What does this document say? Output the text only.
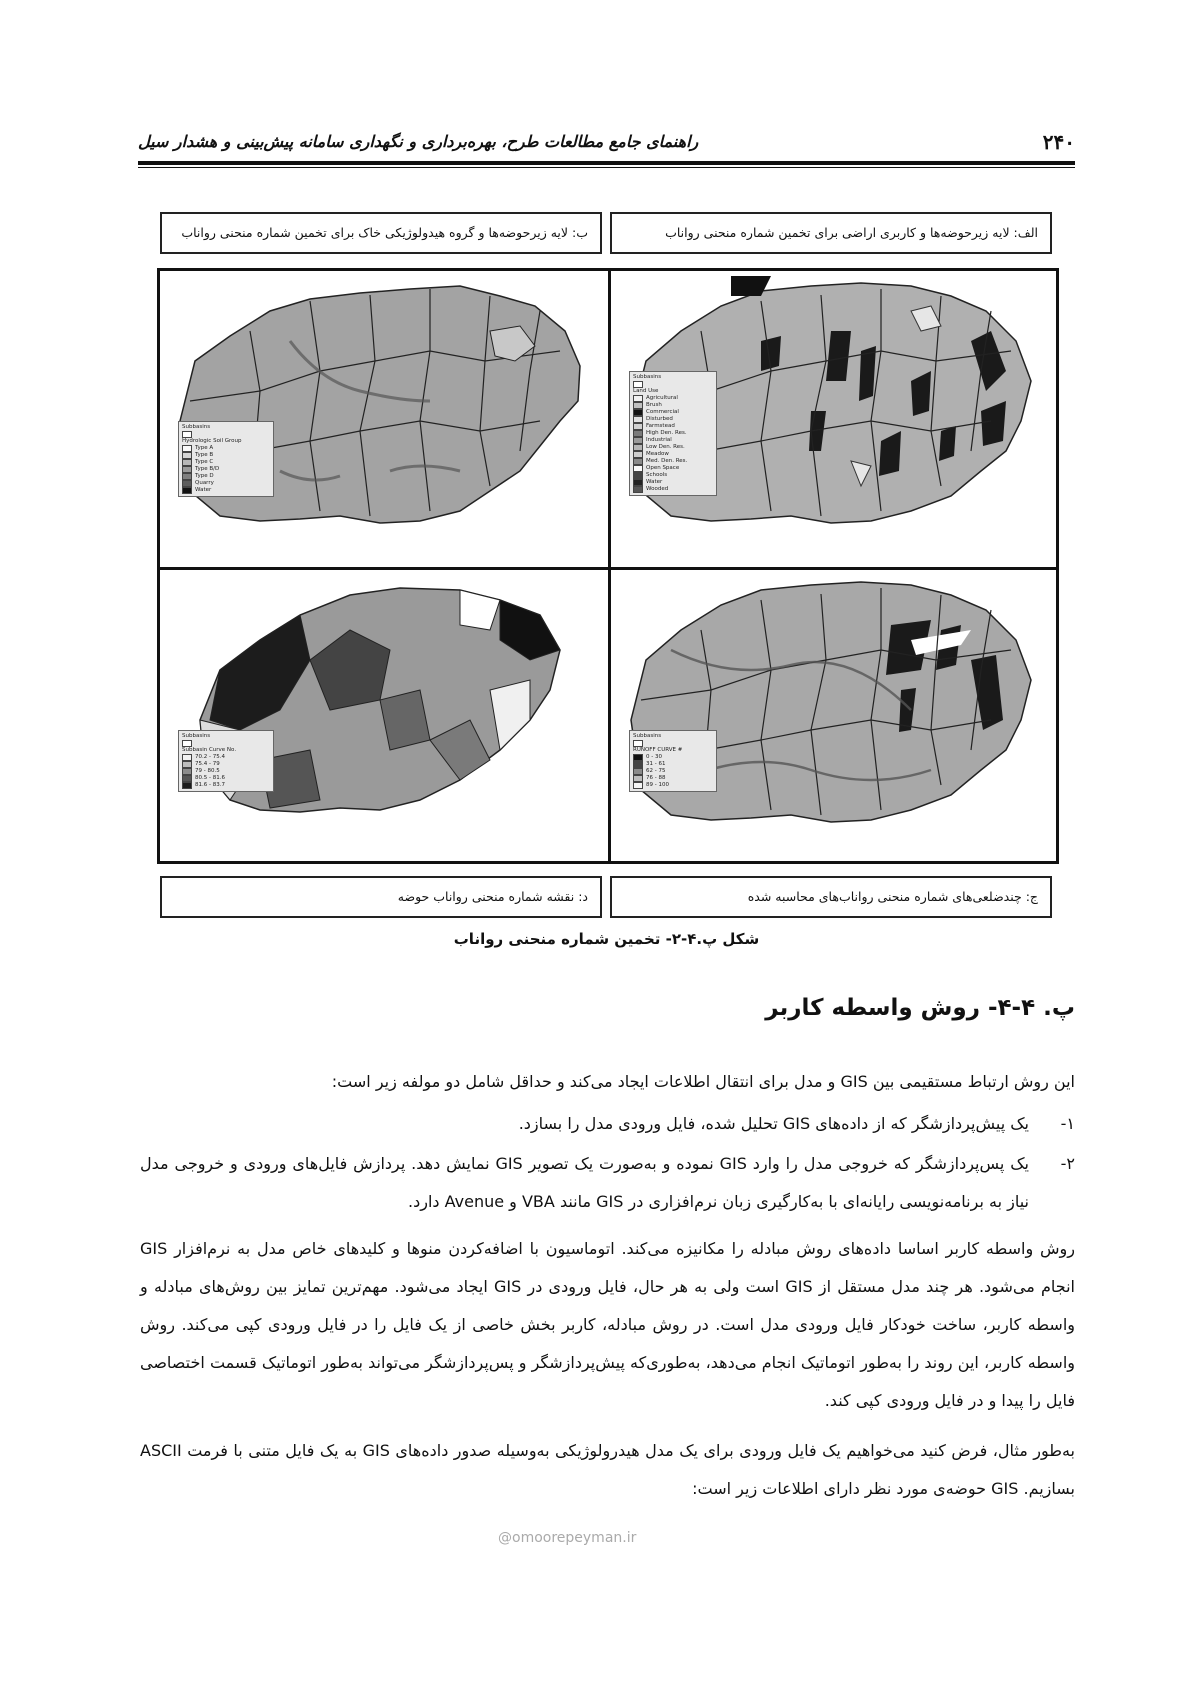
۲۴۰
راهنمای جامع مطالعات طرح، بهره‌برداری و نگهداری سامانه پیش‌بینی و هشدار سیل
الف: لایه زیرحوضه‌ها و کاربری اراضی برای تخمین شماره منحنی رواناب
ب: لایه زیرحوضه‌ها و گروه هیدولوژیکی خاک برای تخمین شماره منحنی رواناب
Subbasins
Hydrologic Soil Group
Type A
Type B
Type C
Type B/D
Type D
Quarry
Water
Subbasins
Land Use
Agricultural
Brush
Commercial
Disturbed
Farmstead
High Den. Res.
Industrial
Low Den. Res.
Meadow
Med. Den. Res.
Open Space
Schools
Water
Wooded
Subbasins
Subbasin Curve No.
70.2 - 75.4
75.4 - 79
79 - 80.5
80.5 - 81.6
81.6 - 83.7
Subbasins
RUNOFF CURVE #
0 - 30
31 - 61
62 - 75
76 - 88
89 - 100
ج: چندضلعی‌های شماره منحنی رواناب‌های محاسبه شده
د: نقشه شماره منحنی رواناب حوضه
شکل پ.۴-۲- تخمین شماره منحنی رواناب
پ. ۴-۴- روش واسطه کاربر
این روش ارتباط مستقیمی بین GIS و مدل برای انتقال اطلاعات ایجاد می‌کند و حداقل شامل دو مولفه زیر است:
۱-
یک پیش‌پردازشگر که از داده‌های GIS تحلیل شده، فایل ورودی مدل را بسازد.
۲-
یک پس‌پردازشگر که خروجی مدل را وارد GIS نموده و به‌صورت یک تصویر GIS نمایش دهد. پردازش فایل‌های ورودی و خروجی مدل نیاز به برنامه‌نویسی رایانه‌ای با به‌کارگیری زبان نرم‌افزاری در GIS مانند VBA و Avenue دارد.
روش واسطه کاربر اساسا داده‌های روش مبادله را مکانیزه می‌کند. اتوماسیون با اضافه‌کردن منوها و کلیدهای خاص مدل به نرم‌افزار GIS انجام می‌شود. هر چند مدل مستقل از GIS است ولی به هر حال، فایل ورودی در GIS ایجاد می‌شود. مهم‌ترین تمایز بین روش‌های مبادله و واسطه کاربر، ساخت خودکار فایل ورودی مدل است. در روش مبادله، کاربر بخش خاصی از یک فایل را در فایل ورودی کپی می‌کند. روش واسطه کاربر، این روند را به‌طور اتوماتیک انجام می‌دهد، به‌طوری‌که پیش‌پردازشگر و پس‌پردازشگر می‌تواند به‌طور اتوماتیک قسمت اختصاصی فایل را پیدا و در فایل ورودی کپی کند.
به‌طور مثال، فرض کنید می‌خواهیم یک فایل ورودی برای یک مدل هیدرولوژیکی به‌وسیله صدور داده‌های GIS به یک فایل متنی با فرمت ASCII بسازیم. GIS حوضه‌ی مورد نظر دارای اطلاعات زیر است:
@omoorepeyman.ir
